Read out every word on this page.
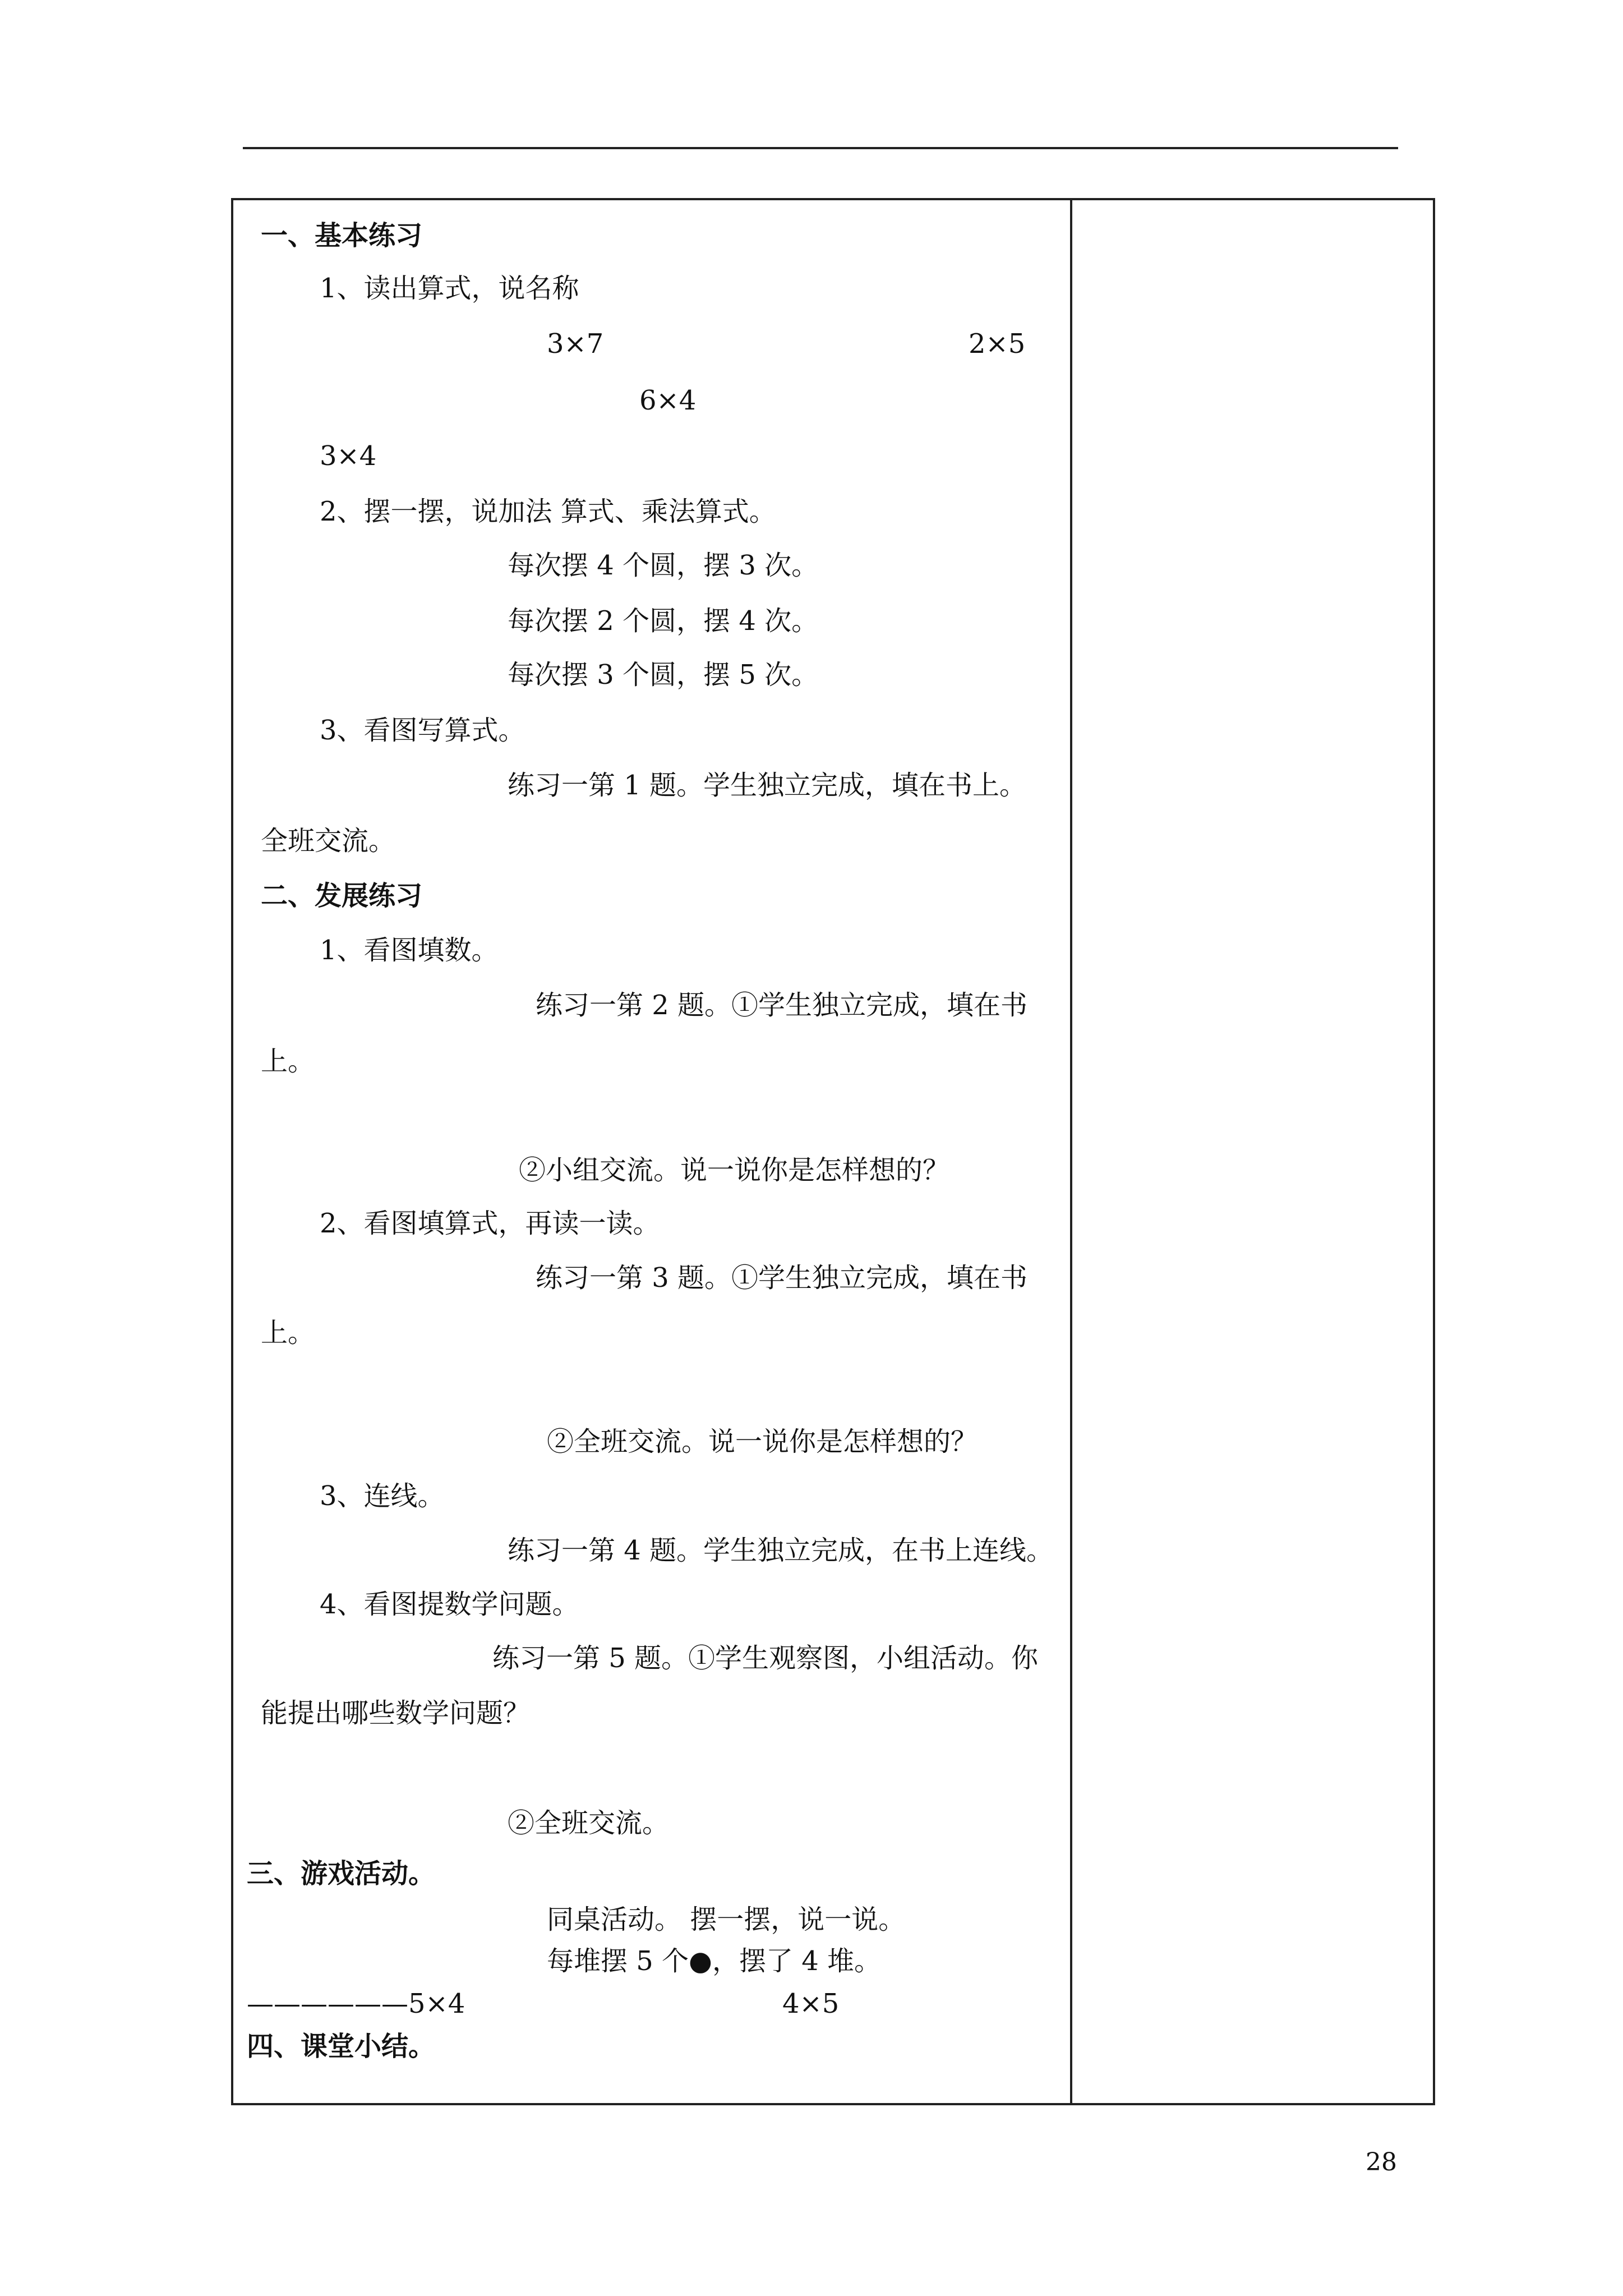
一、基本练习

1、读出算式，说名称

3×7	2×5

6×4

3×4

2、摆一摆，说加法 算式、乘法算式。

每次摆 4 个圆，摆 3 次。

每次摆 2 个圆，摆 4 次。

每次摆 3 个圆，摆 5 次。

3、看图写算式。

练习一第 1 题。学生独立完成，填在书上。

全班交流。

二、发展练习

1、看图填数。

练习一第 2 题。①学生独立完成，填在书

上。

②小组交流。说一说你是怎样想的？

2、看图填算式，再读一读。

练习一第 3 题。①学生独立完成，填在书

上。

②全班交流。说一说你是怎样想的？

3、连线。

练习一第 4 题。学生独立完成，在书上连线。

4、看图提数学问题。

练习一第 5 题。①学生观察图，小组活动。你

能提出哪些数学问题？

②全班交流。

三、游戏活动。

同桌活动。 摆一摆，说一说。

每堆摆 5 个●，摆了 4 堆。

——————5×4	4×5

四、课堂小结。

28
